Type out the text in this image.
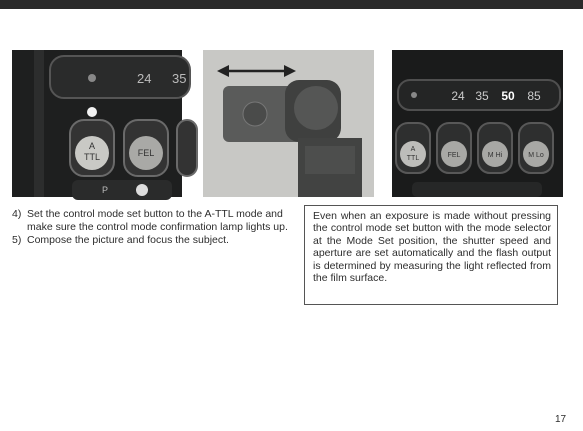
24 35
A
TTL	FEL
P
24 35 50 85
A
TTL	FEL	M Hi	M Lo
4) Set the control mode set button to the A-TTL mode and make sure the control mode confirmation lamp lights up.
5) Compose the picture and focus the subject.
Even when an exposure is made without pressing the control mode set button with the mode selector at the Mode Set position, the shutter speed and aperture are set automatically and the flash output is determined by measuring the light reflected from the film surface.
17
